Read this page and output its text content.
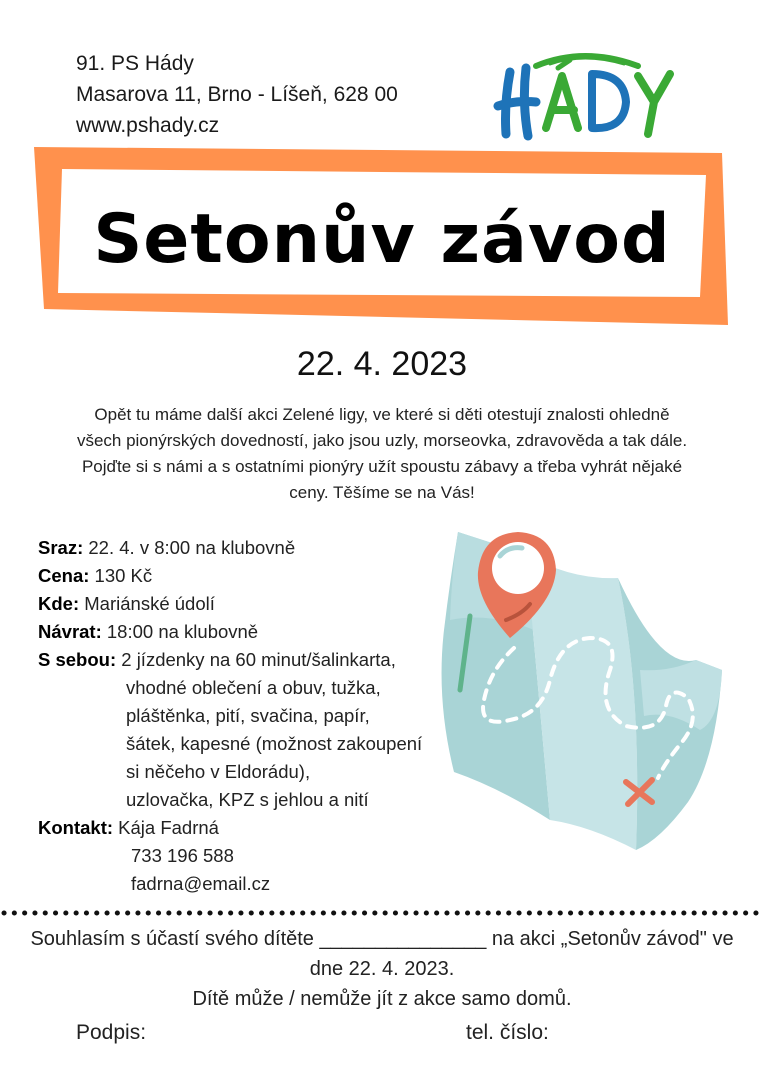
91. PS Hády
Masarova 11, Brno - Líšeň, 628 00
www.pshady.cz
Setonův závod
22. 4. 2023
Opět tu máme další akci Zelené ligy, ve které si děti otestují znalosti ohledně
všech pionýrských dovedností, jako jsou uzly, morseovka, zdravověda a tak dále.
Pojďte si s námi a s ostatními pionýry užít spoustu zábavy a třeba vyhrát nějaké
ceny. Těšíme se na Vás!
Sraz: 22. 4. v 8:00 na klubovně
Cena: 130 Kč
Kde: Mariánské údolí
Návrat: 18:00 na klubovně
S sebou: 2 jízdenky na 60 minut/šalinkarta,
vhodné oblečení a obuv, tužka,
pláštěnka, pití, svačina, papír,
šátek, kapesné (možnost zakoupení
si něčeho v Eldorádu),
uzlovačka, KPZ s jehlou a nití
Kontakt: Kája Fadrná
733 196 588
fadrna@email.cz
Souhlasím s účastí svého dítěte _______________ na akci „Setonův závod" ve
dne 22. 4. 2023.
Dítě může / nemůže jít z akce samo domů.
Podpis:	tel. číslo:
